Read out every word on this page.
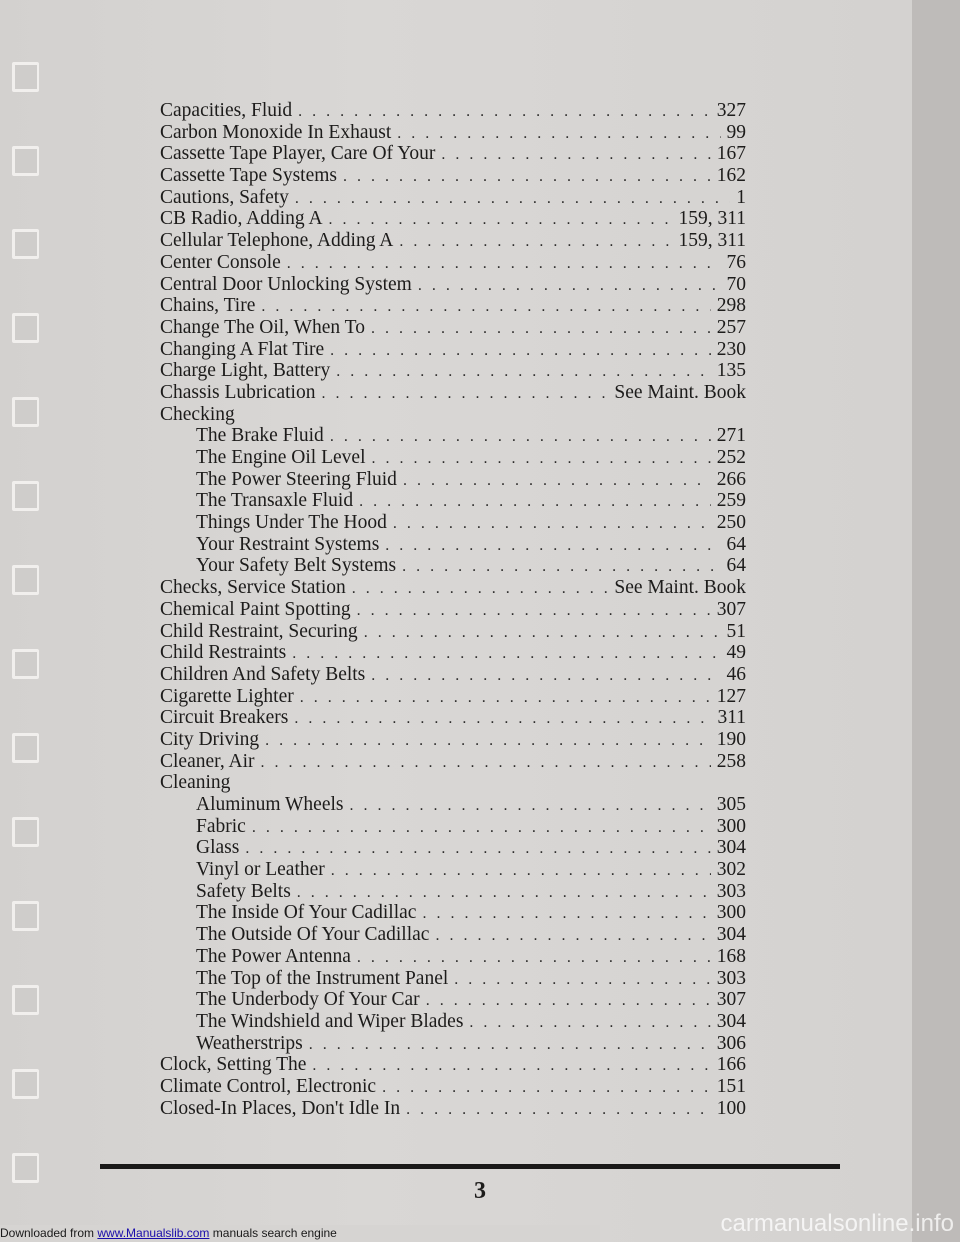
Capacities, Fluid . . .	327
Carbon Monoxide In Exhaust . . .	99
Cassette Tape Player, Care Of Your . . .	167
Cassette Tape Systems . . .	162
Cautions, Safety . . .	1
CB Radio, Adding A . . .	159, 311
Cellular Telephone, Adding A . . .	159, 311
Center Console . . .	76
Central Door Unlocking System . . .	70
Chains, Tire . . .	298
Change The Oil, When To . . .	257
Changing A Flat Tire . . .	230
Charge Light, Battery . . .	135
Chassis Lubrication . . .	See Maint. Book
Checking
The Brake Fluid . . .	271
The Engine Oil Level . . .	252
The Power Steering Fluid . . .	266
The Transaxle Fluid . . .	259
Things Under The Hood . . .	250
Your Restraint Systems . . .	64
Your Safety Belt Systems . . .	64
Checks, Service Station . . .	See Maint. Book
Chemical Paint Spotting . . .	307
Child Restraint, Securing . . .	51
Child Restraints . . .	49
Children And Safety Belts . . .	46
Cigarette Lighter . . .	127
Circuit Breakers . . .	311
City Driving . . .	190
Cleaner, Air . . .	258
Cleaning
Aluminum Wheels . . .	305
Fabric . . .	300
Glass . . .	304
Vinyl or Leather . . .	302
Safety Belts . . .	303
The Inside Of Your Cadillac . . .	300
The Outside Of Your Cadillac . . .	304
The Power Antenna . . .	168
The Top of the Instrument Panel . . .	303
The Underbody Of Your Car . . .	307
The Windshield and Wiper Blades . . .	304
Weatherstrips . . .	306
Clock, Setting The . . .	166
Climate Control, Electronic . . .	151
Closed-In Places, Don't Idle In . . .	100
3
Downloaded from www.Manualslib.com manuals search engine	carmanualsonline.info
